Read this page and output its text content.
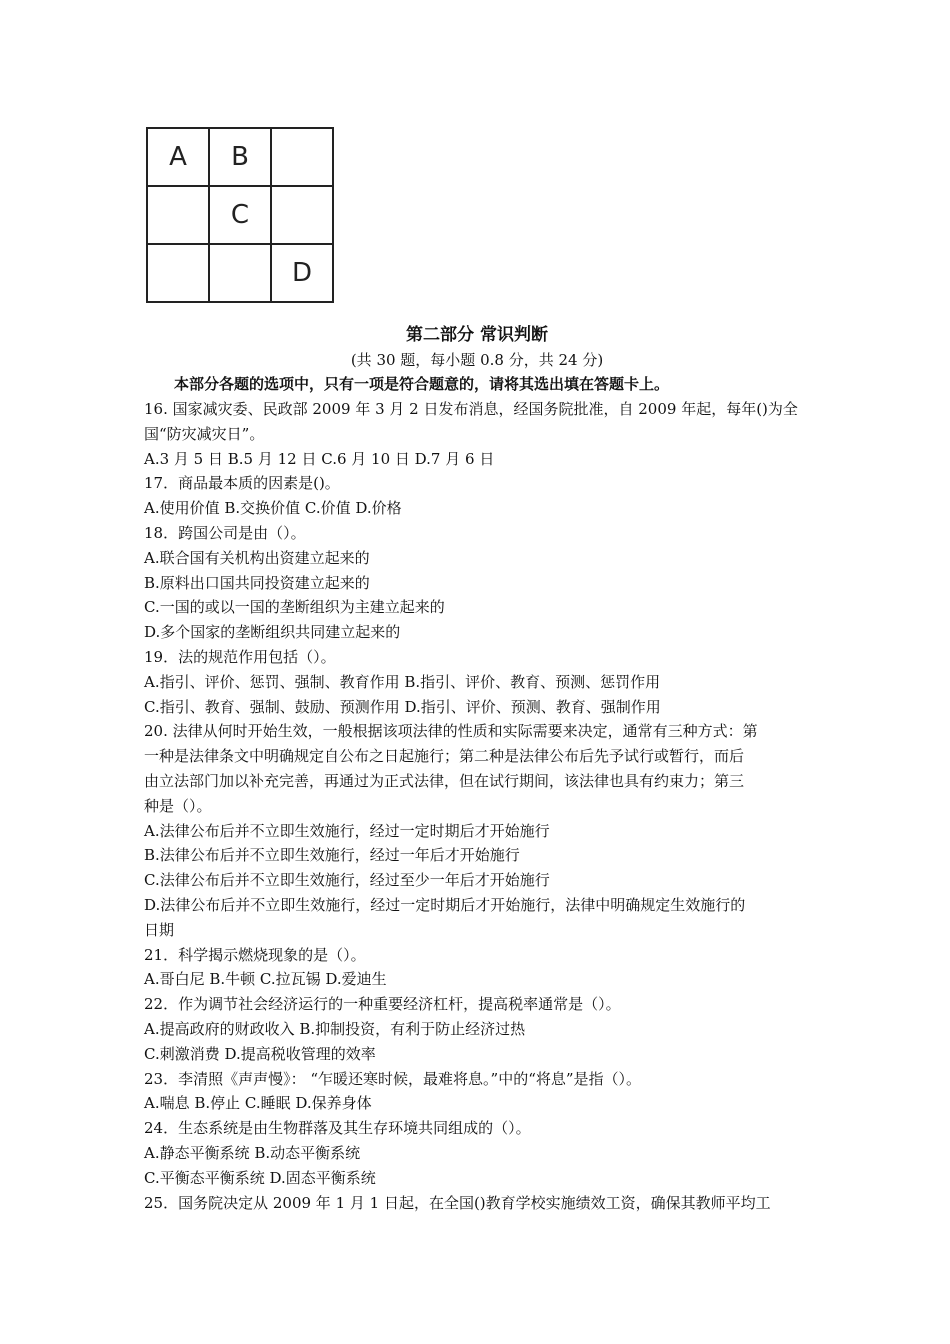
A	B	
	C	
		D

第二部分 常识判断

(共 30 题，每小题 0.8 分，共 24 分)

本部分各题的选项中，只有一项是符合题意的，请将其选出填在答题卡上。

16. 国家减灾委、民政部 2009 年 3 月 2 日发布消息，经国务院批准，自 2009 年起，每年()为全

国“防灾减灾日”。

A.3 月 5 日 B.5 月 12 日 C.6 月 10 日 D.7 月 6 日

17．商品最本质的因素是()。

A.使用价值 B.交换价值 C.价值 D.价格

18．跨国公司是由（）。

A.联合国有关机构出资建立起来的

B.原料出口国共同投资建立起来的

C.一国的或以一国的垄断组织为主建立起来的

D.多个国家的垄断组织共同建立起来的

19．法的规范作用包括（）。

A.指引、评价、惩罚、强制、教育作用 B.指引、评价、教育、预测、惩罚作用

C.指引、教育、强制、鼓励、预测作用 D.指引、评价、预测、教育、强制作用

20. 法律从何时开始生效，一般根据该项法律的性质和实际需要来决定，通常有三种方式：第

一种是法律条文中明确规定自公布之日起施行；第二种是法律公布后先予试行或暂行，而后

由立法部门加以补充完善，再通过为正式法律，但在试行期间，该法律也具有约束力；第三

种是（）。

A.法律公布后并不立即生效施行，经过一定时期后才开始施行

B.法律公布后并不立即生效施行，经过一年后才开始施行

C.法律公布后并不立即生效施行，经过至少一年后才开始施行

D.法律公布后并不立即生效施行，经过一定时期后才开始施行，法律中明确规定生效施行的

日期

21．科学揭示燃烧现象的是（）。

A.哥白尼 B.牛顿 C.拉瓦锡 D.爱迪生

22．作为调节社会经济运行的一种重要经济杠杆，提高税率通常是（）。

A.提高政府的财政收入 B.抑制投资，有利于防止经济过热

C.刺激消费 D.提高税收管理的效率

23．李清照《声声慢》： “乍暖还寒时候，最难将息。”中的“将息”是指（）。

A.喘息 B.停止 C.睡眠 D.保养身体

24．生态系统是由生物群落及其生存环境共同组成的（）。

A.静态平衡系统 B.动态平衡系统

C.平衡态平衡系统 D.固态平衡系统

25．国务院决定从 2009 年 1 月 1 日起，在全国()教育学校实施绩效工资，确保其教师平均工
